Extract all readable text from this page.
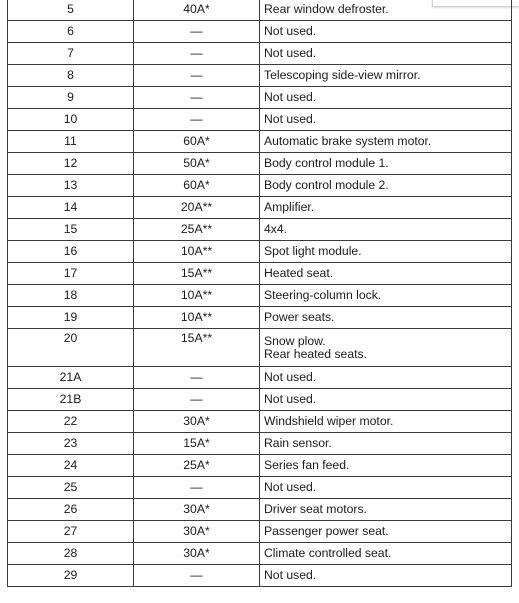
5	40A*	Rear window defroster.

6	—	Not used.

7	—	Not used.

8	—	Telescoping side-view mirror.

9	—	Not used.

10	—	Not used.

11	60A*	Automatic brake system motor.

12	50A*	Body control module 1.

13	60A*	Body control module 2.

14	20A**	Amplifier.

15	25A**	4x4.

16	10A**	Spot light module.

17	15A**	Heated seat.

18	10A**	Steering-column lock.

19	10A**	Power seats.

20	15A**	Snow plow.
Rear heated seats.

21A	—	Not used.

21B	—	Not used.

22	30A*	Windshield wiper motor.

23	15A*	Rain sensor.

24	25A*	Series fan feed.

25	—	Not used.

26	30A*	Driver seat motors.

27	30A*	Passenger power seat.

28	30A*	Climate controlled seat.

29	—	Not used.
